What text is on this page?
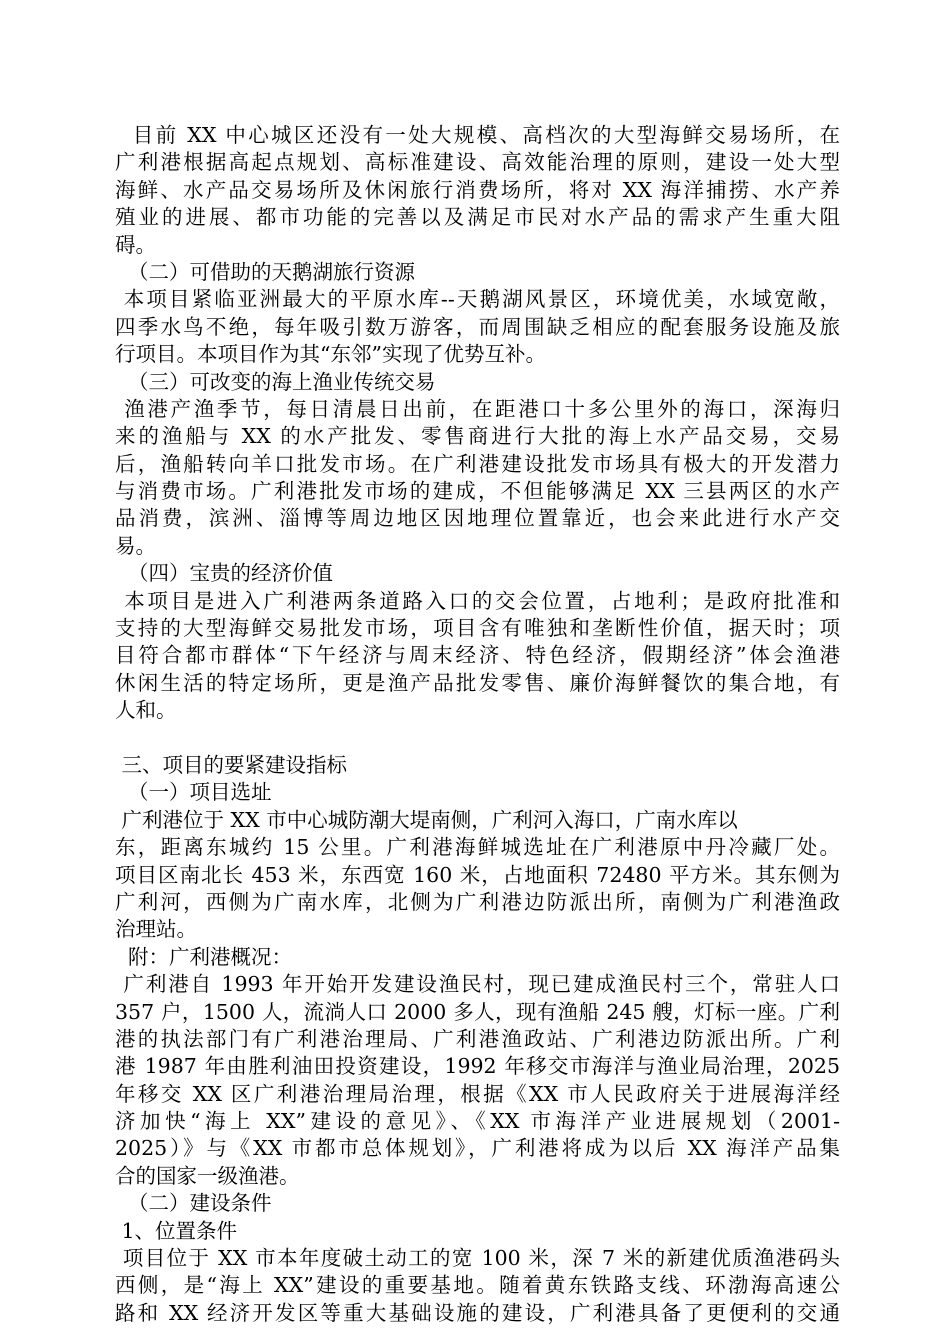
目前 XX 中心城区还没有一处大规模、高档次的大型海鲜交易场所，在
广利港根据高起点规划、高标准建设、高效能治理的原则，建设一处大型
海鲜、水产品交易场所及休闲旅行消费场所，将对 XX 海洋捕捞、水产养
殖业的进展、都市功能的完善以及满足市民对水产品的需求产生重大阻
碍。
（二）可借助的天鹅湖旅行资源
本项目紧临亚洲最大的平原水库--天鹅湖风景区，环境优美，水域宽敞，
四季水鸟不绝，每年吸引数万游客，而周围缺乏相应的配套服务设施及旅
行项目。本项目作为其“东邻”实现了优势互补。
（三）可改变的海上渔业传统交易
渔港产渔季节，每日清晨日出前，在距港口十多公里外的海口，深海归
来的渔船与 XX 的水产批发、零售商进行大批的海上水产品交易，交易
后，渔船转向羊口批发市场。在广利港建设批发市场具有极大的开发潜力
与消费市场。广利港批发市场的建成，不但能够满足 XX 三县两区的水产
品消费，滨洲、淄博等周边地区因地理位置靠近，也会来此进行水产交
易。
（四）宝贵的经济价值
本项目是进入广利港两条道路入口的交会位置，占地利；是政府批准和
支持的大型海鲜交易批发市场，项目含有唯独和垄断性价值，据天时；项
目符合都市群体“下午经济与周末经济、特色经济，假期经济”体会渔港
休闲生活的特定场所，更是渔产品批发零售、廉价海鲜餐饮的集合地，有
人和。
三、项目的要紧建设指标
（一）项目选址
广利港位于 XX 市中心城防潮大堤南侧，广利河入海口，广南水库以
东，距离东城约 15 公里。广利港海鲜城选址在广利港原中丹冷藏厂处。
项目区南北长 453 米，东西宽 160 米，占地面积 72480 平方米。其东侧为
广利河，西侧为广南水库，北侧为广利港边防派出所，南侧为广利港渔政
治理站。
附：广利港概况：
广利港自 1993 年开始开发建设渔民村，现已建成渔民村三个，常驻人口
357 户，1500 人，流淌人口 2000 多人，现有渔船 245 艘，灯标一座。广利
港的执法部门有广利港治理局、广利港渔政站、广利港边防派出所。广利
港 1987 年由胜利油田投资建设，1992 年移交市海洋与渔业局治理，2025
年移交 XX 区广利港治理局治理，根据《XX 市人民政府关于进展海洋经
济加快“海上 XX”建设的意见》、《XX 市海洋产业进展规划（2001-
2025）》与《XX 市都市总体规划》，广利港将成为以后 XX 海洋产品集
合的国家一级渔港。
（二）建设条件
1、位置条件
项目位于 XX 市本年度破土动工的宽 100 米，深 7 米的新建优质渔港码头
西侧，是“海上 XX”建设的重要基地。随着黄东铁路支线、环渤海高速公
路和 XX 经济开发区等重大基础设施的建设，广利港具备了更便利的交通
